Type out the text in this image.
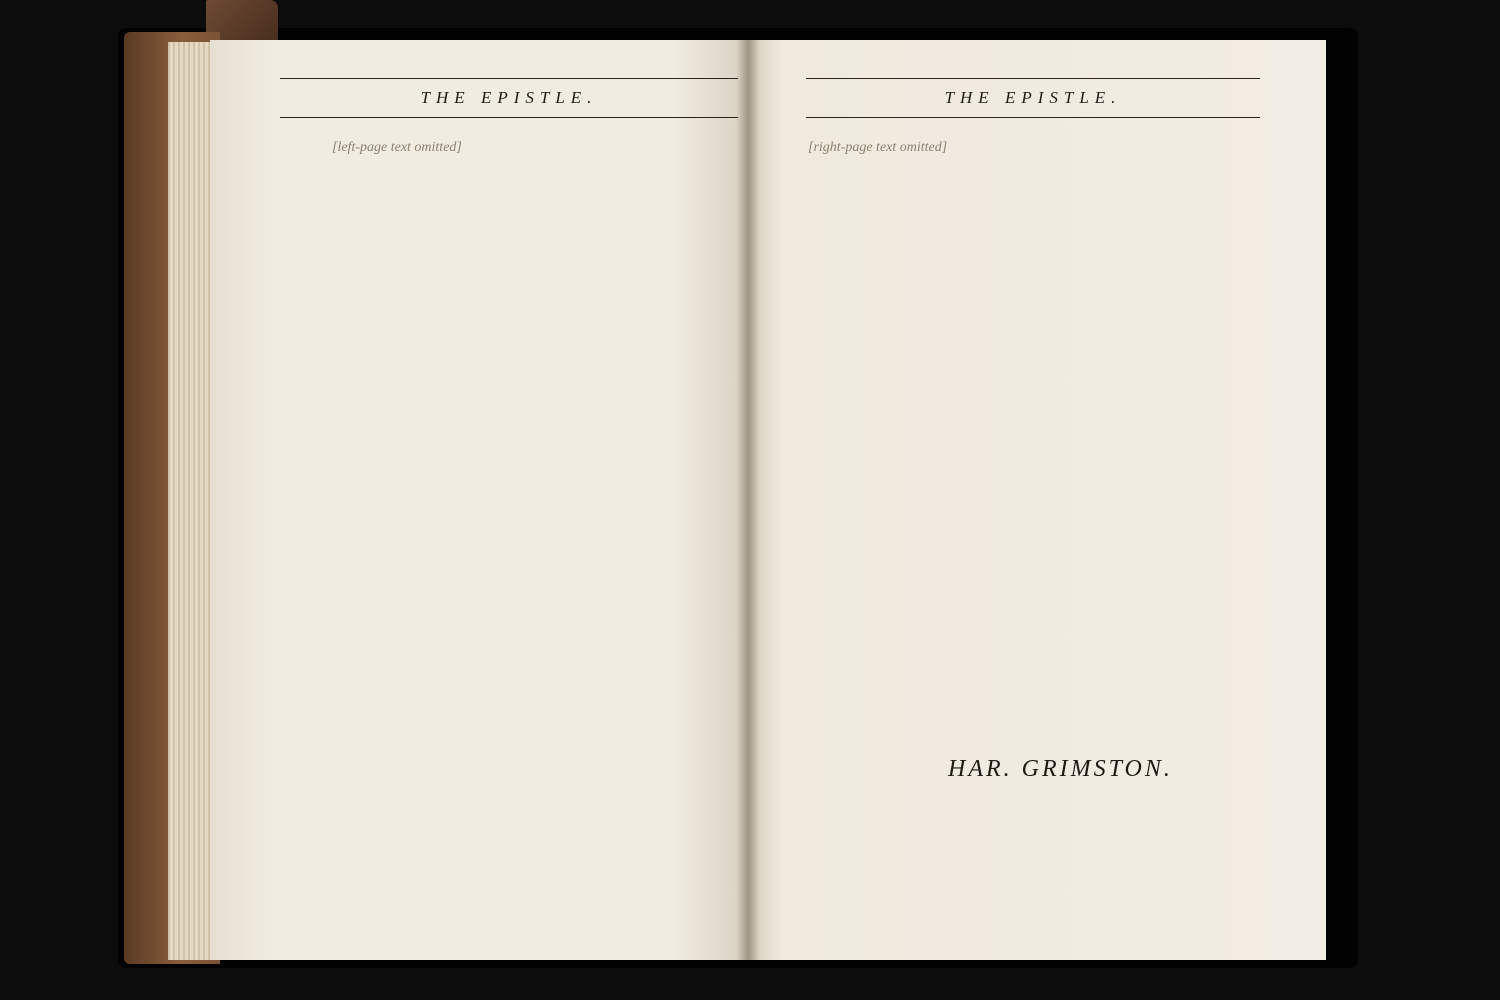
THE EPISTLE.	THE EPISTLE.
[left-page text omitted]	[right-page text omitted]
HAR. GRIMSTON.
